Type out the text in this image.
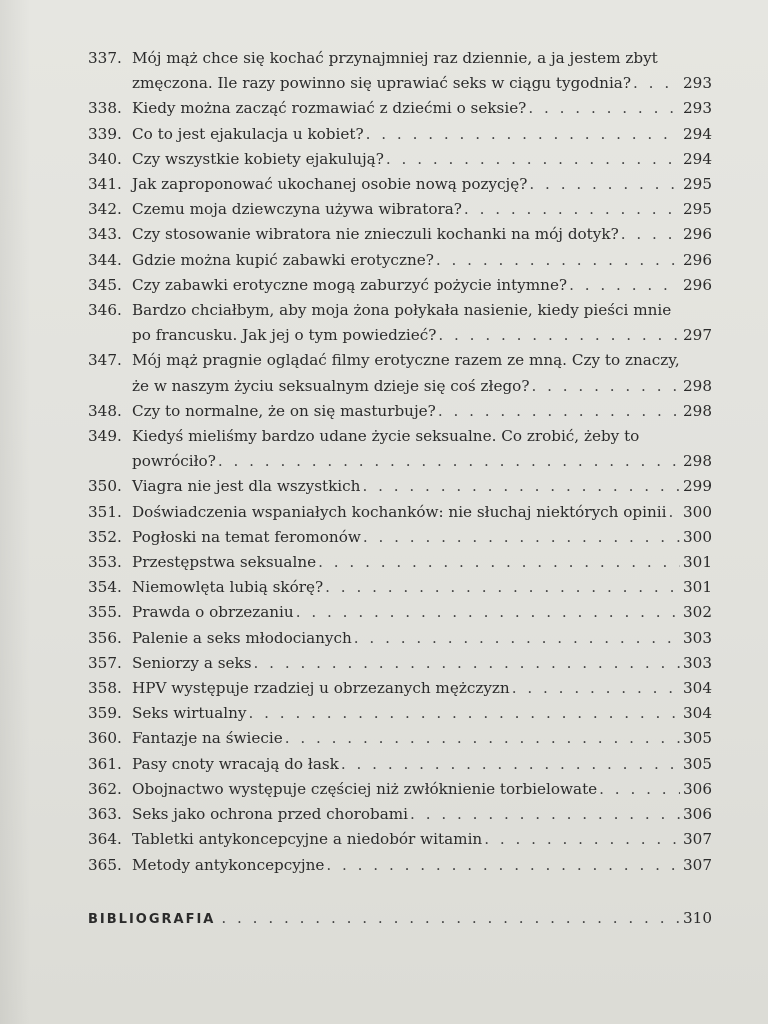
337. Mój mąż chce się kochać przynajmniej raz dziennie, a ja jestem zbyt
zmęczona. Ile razy powinno się uprawiać seks w ciągu tygodnia? . . .	293
338. Kiedy można zacząć rozmawiać z dziećmi o seksie? . . .	293
339. Co to jest ejakulacja u kobiet? . . .	294
340. Czy wszystkie kobiety ejakulują? . . .	294
341. Jak zaproponować ukochanej osobie nową pozycję? . . .	295
342. Czemu moja dziewczyna używa wibratora? . . .	295
343. Czy stosowanie wibratora nie znieczuli kochanki na mój dotyk? . . .	296
344. Gdzie można kupić zabawki erotyczne? . . .	296
345. Czy zabawki erotyczne mogą zaburzyć pożycie intymne? . . .	296
346. Bardzo chciałbym, aby moja żona połykała nasienie, kiedy pieści mnie
po francusku. Jak jej o tym powiedzieć? . . .	297
347. Mój mąż pragnie oglądać filmy erotyczne razem ze mną. Czy to znaczy,
że w naszym życiu seksualnym dzieje się coś złego? . . .	298
348. Czy to normalne, że on się masturbuje? . . .	298
349. Kiedyś mieliśmy bardzo udane życie seksualne. Co zrobić, żeby to
powróciło? . . .	298
350. Viagra nie jest dla wszystkich . . .	299
351. Doświadczenia wspaniałych kochanków: nie słuchaj niektórych opinii . . . 300
352. Pogłoski na temat feromonów . . .	300
353. Przestępstwa seksualne . . .	301
354. Niemowlęta lubią skórę? . . .	301
355. Prawda o obrzezaniu . . .	302
356. Palenie a seks młodocianych . . .	303
357. Seniorzy a seks . . .	303
358. HPV występuje rzadziej u obrzezanych mężczyzn . . .	304
359. Seks wirtualny . . .	304
360. Fantazje na świecie . . .	305
361. Pasy cnoty wracają do łask . . .	305
362. Obojnactwo występuje częściej niż zwłóknienie torbielowate . . .	306
363. Seks jako ochrona przed chorobami . . .	306
364. Tabletki antykoncepcyjne a niedobór witamin . . .	307
365. Metody antykoncepcyjne . . .	307
BIBLIOGRAFIA . . .	310
